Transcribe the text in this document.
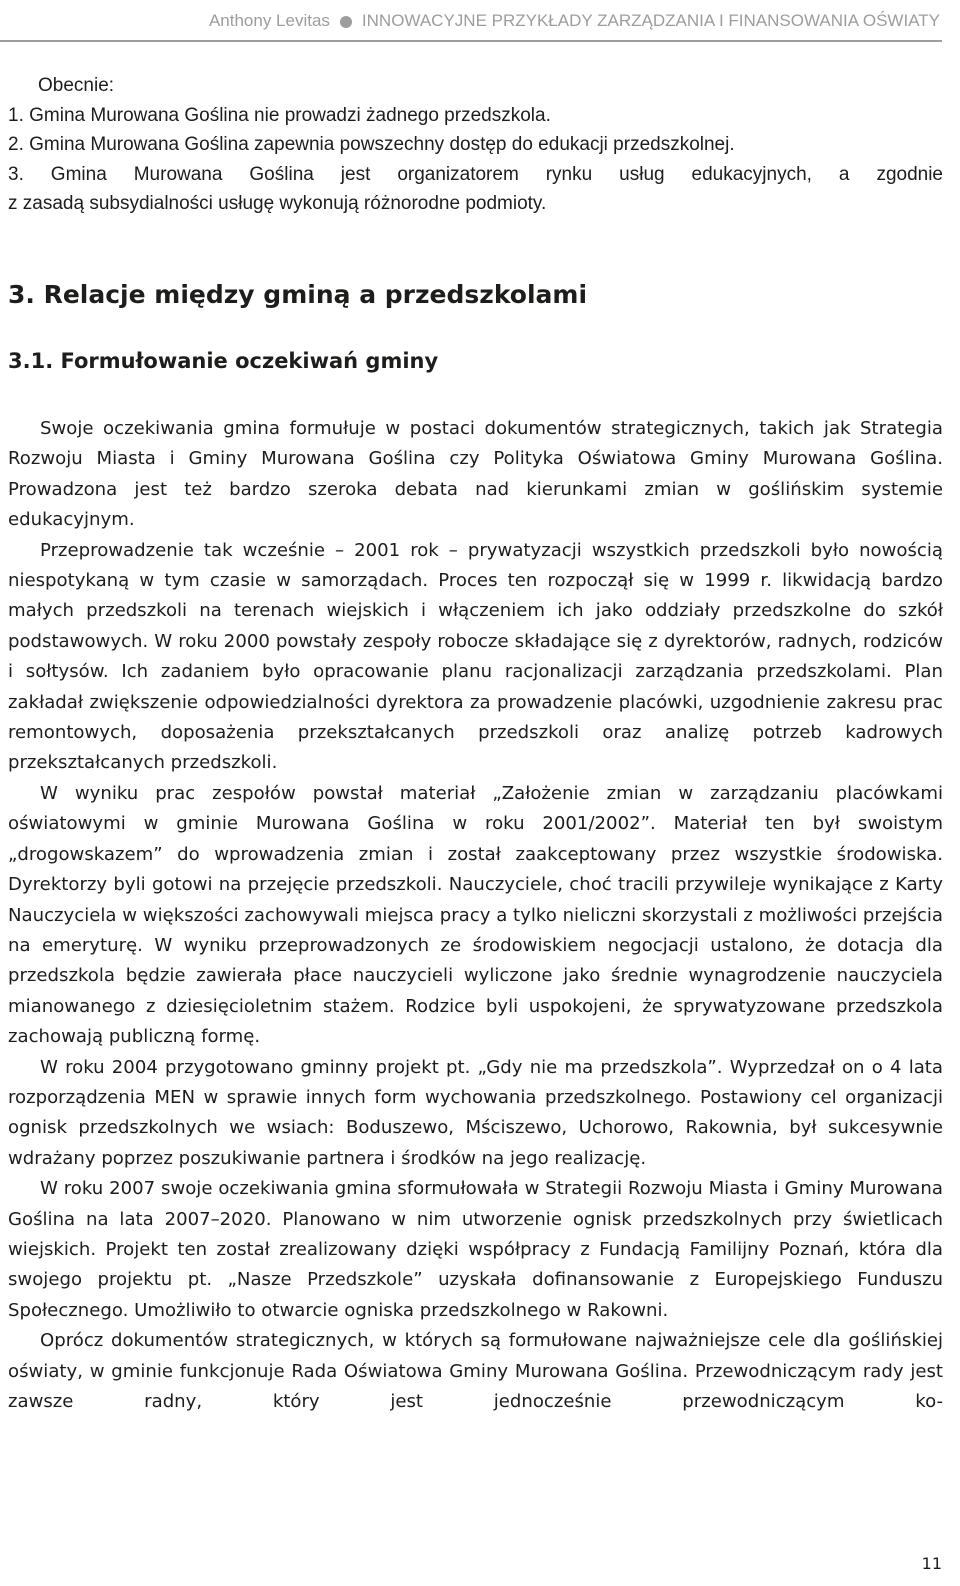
Anthony Levitas INNOWACYJNE PRZYKŁADY ZARZĄDZANIA I FINANSOWANIA OŚWIATY

Obecnie:

1. Gmina Murowana Goślina nie prowadzi żadnego przedszkola.

2. Gmina Murowana Goślina zapewnia powszechny dostęp do edukacji przedszkolnej.

3. Gmina Murowana Goślina jest organizatorem rynku usług edukacyjnych, a zgodnie

z zasadą subsydialności usługę wykonują różnorodne podmioty.

3. Relacje między gminą a przedszkolami
3.1. Formułowanie oczekiwań gminy

Swoje oczekiwania gmina formułuje w postaci dokumentów strategicznych, takich jak Strategia Rozwoju Miasta i Gminy Murowana Goślina czy Polityka Oświatowa Gminy Murowana Goślina. Prowadzona jest też bardzo szeroka debata nad kierunkami zmian w goślińskim systemie edukacyjnym.

Przeprowadzenie tak wcześnie – 2001 rok – prywatyzacji wszystkich przedszkoli było nowością niespotykaną w tym czasie w samorządach. Proces ten rozpoczął się w 1999 r. likwidacją bardzo małych przedszkoli na terenach wiejskich i włączeniem ich jako oddziały przedszkolne do szkół podstawowych. W roku 2000 powstały zespoły robocze składające się z dyrektorów, radnych, rodziców i sołtysów. Ich zadaniem było opracowanie planu racjonalizacji zarządzania przedszkolami. Plan zakładał zwiększenie odpowiedzialności dyrektora za prowadzenie placówki, uzgodnienie zakresu prac remontowych, doposażenia przekształcanych przedszkoli oraz analizę potrzeb kadrowych przekształcanych przedszkoli.

W wyniku prac zespołów powstał materiał „Założenie zmian w zarządzaniu placówkami oświatowymi w gminie Murowana Goślina w roku 2001/2002”. Materiał ten był swoistym „drogowskazem” do wprowadzenia zmian i został zaakceptowany przez wszystkie środowiska. Dyrektorzy byli gotowi na przejęcie przedszkoli. Nauczyciele, choć tracili przywileje wynikające z Karty Nauczyciela w większości zachowywali miejsca pracy a tylko nieliczni skorzystali z możliwości przejścia na emeryturę. W wyniku przeprowadzonych ze środowiskiem negocjacji ustalono, że dotacja dla przedszkola będzie zawierała płace nauczycieli wyliczone jako średnie wynagrodzenie nauczyciela mianowanego z dziesięcioletnim stażem. Rodzice byli uspokojeni, że sprywatyzowane przedszkola zachowają publiczną formę.

W roku 2004 przygotowano gminny projekt pt. „Gdy nie ma przedszkola”. Wyprzedzał on o 4 lata rozporządzenia MEN w sprawie innych form wychowania przedszkolnego. Postawiony cel organizacji ognisk przedszkolnych we wsiach: Boduszewo, Mściszewo, Uchorowo, Rakownia, był sukcesywnie wdrażany poprzez poszukiwanie partnera i środków na jego realizację.

W roku 2007 swoje oczekiwania gmina sformułowała w Strategii Rozwoju Miasta i Gminy Murowana Goślina na lata 2007–2020. Planowano w nim utworzenie ognisk przedszkolnych przy świetlicach wiejskich. Projekt ten został zrealizowany dzięki współpracy z Fundacją Familijny Poznań, która dla swojego projektu pt. „Nasze Przedszkole” uzyskała dofinansowanie z Europejskiego Funduszu Społecznego. Umożliwiło to otwarcie ogniska przedszkolnego w Rakowni.

Oprócz dokumentów strategicznych, w których są formułowane najważniejsze cele dla goślińskiej oświaty, w gminie funkcjonuje Rada Oświatowa Gminy Murowana Goślina. Przewodniczącym rady jest zawsze radny, który jest jednocześnie przewodniczącym ko-

11
